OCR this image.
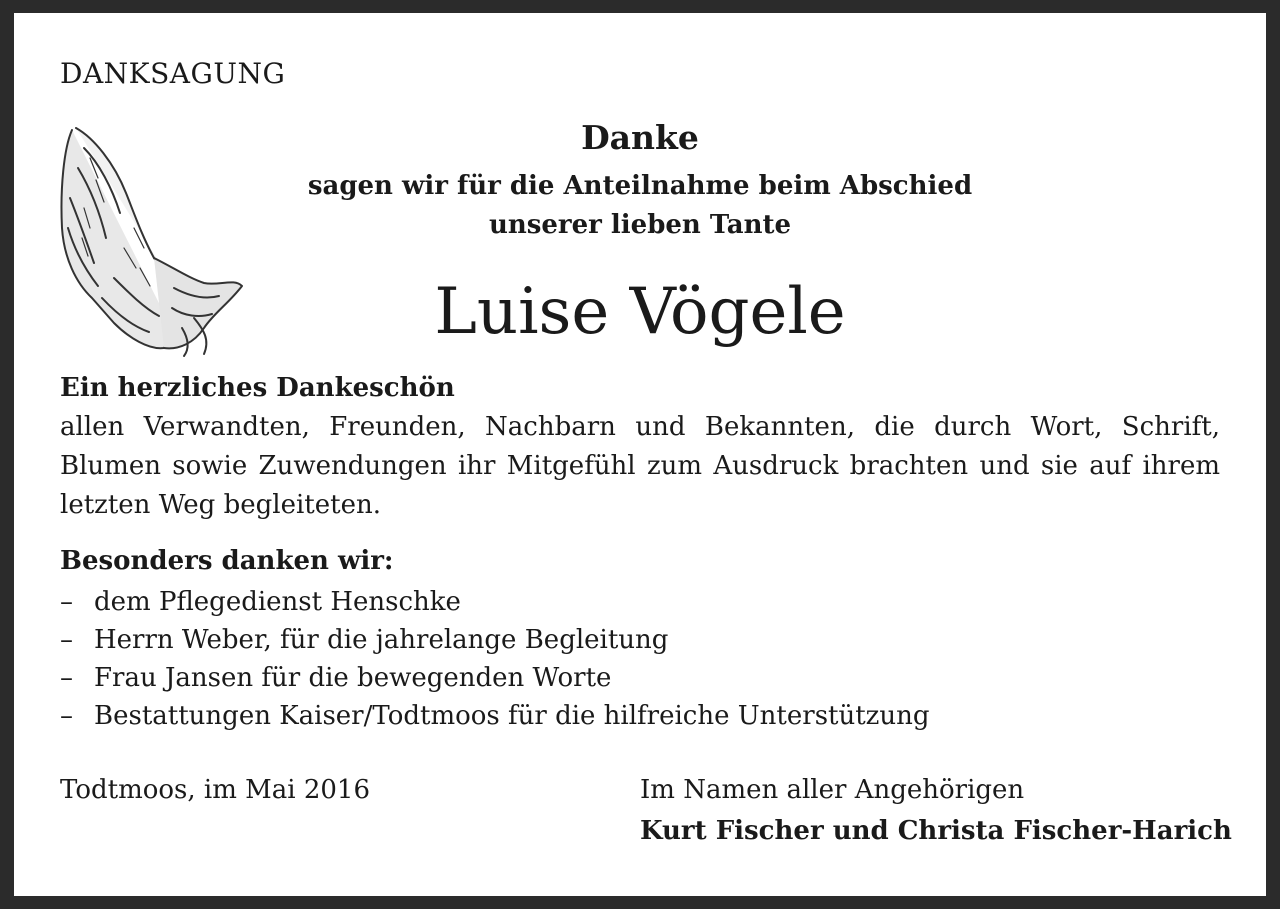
DANKSAGUNG
Danke
sagen wir für die Anteilnahme beim Abschied
unserer lieben Tante
Luise Vögele
Ein herzliches Dankeschön
allen Verwandten, Freunden, Nachbarn und Bekannten, die durch Wort, Schrift, Blumen sowie Zuwendungen ihr Mitgefühl zum Ausdruck brachten und sie auf ihrem letzten Weg begleiteten.
Besonders danken wir:
– dem Pflegedienst Henschke
– Herrn Weber, für die jahrelange Begleitung
– Frau Jansen für die bewegenden Worte
– Bestattungen Kaiser/Todtmoos für die hilfreiche Unterstützung
Todtmoos, im Mai 2016	Im Namen aller Angehörigen
Kurt Fischer und Christa Fischer-Harich
